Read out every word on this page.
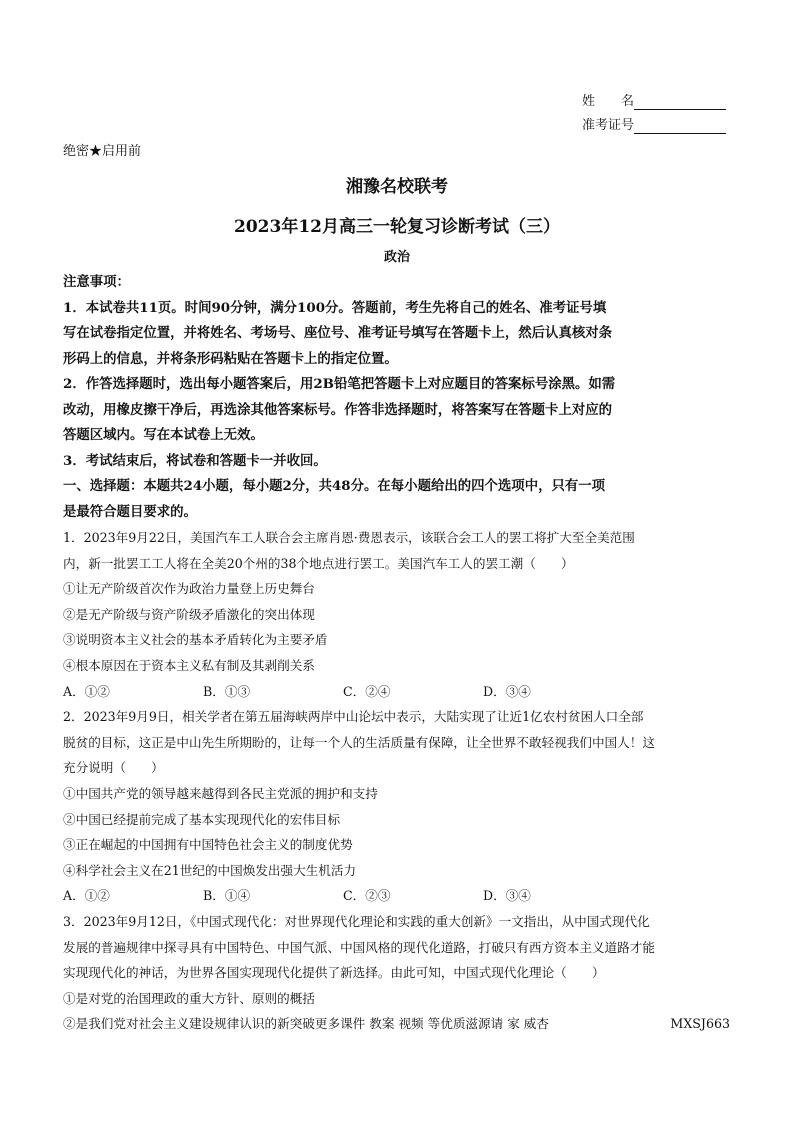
姓　　名
准考证号
绝密★启用前
湘豫名校联考
2023年12月高三一轮复习诊断考试（三）
政治

注意事项：

1．本试卷共11页。时间90分钟，满分100分。答题前，考生先将自己的姓名、准考证号填

写在试卷指定位置，并将姓名、考场号、座位号、准考证号填写在答题卡上，然后认真核对条

形码上的信息，并将条形码粘贴在答题卡上的指定位置。

2．作答选择题时，选出每小题答案后，用2B铅笔把答题卡上对应题目的答案标号涂黑。如需

改动，用橡皮擦干净后，再选涂其他答案标号。作答非选择题时，将答案写在答题卡上对应的

答题区域内。写在本试卷上无效。

3．考试结束后，将试卷和答题卡一并收回。

一、选择题：本题共24小题，每小题2分，共48分。在每小题给出的四个选项中，只有一项

是最符合题目要求的。

1．2023年9月22日，美国汽车工人联合会主席肖恩·费恩表示，该联合会工人的罢工将扩大至全美范围

内，新一批罢工工人将在全美20个州的38个地点进行罢工。美国汽车工人的罢工潮（　　）

①让无产阶级首次作为政治力量登上历史舞台

②是无产阶级与资产阶级矛盾激化的突出体现

③说明资本主义社会的基本矛盾转化为主要矛盾

④根本原因在于资本主义私有制及其剥削关系

A．①②	B．①③	C．②④	D．③④

2．2023年9月9日，相关学者在第五届海峡两岸中山论坛中表示，大陆实现了让近1亿农村贫困人口全部

脱贫的目标，这正是中山先生所期盼的，让每一个人的生活质量有保障，让全世界不敢轻视我们中国人！这

充分说明（　　）

①中国共产党的领导越来越得到各民主党派的拥护和支持

②中国已经提前完成了基本实现现代化的宏伟目标

③正在崛起的中国拥有中国特色社会主义的制度优势

④科学社会主义在21世纪的中国焕发出强大生机活力

A．①②	B．①④	C．②③	D．③④

3．2023年9月12日，《中国式现代化：对世界现代化理论和实践的重大创新》一文指出，从中国式现代化

发展的普遍规律中探寻具有中国特色、中国气派、中国风格的现代化道路，打破只有西方资本主义道路才能

实现现代化的神话，为世界各国实现现代化提供了新选择。由此可知，中国式现代化理论（　　）

①是对党的治国理政的重大方针、原则的概括

②是我们党对社会主义建设规律认识的新突破更多课件 教案 视频 等优质滋源请 家 威杏	MXSJ663
